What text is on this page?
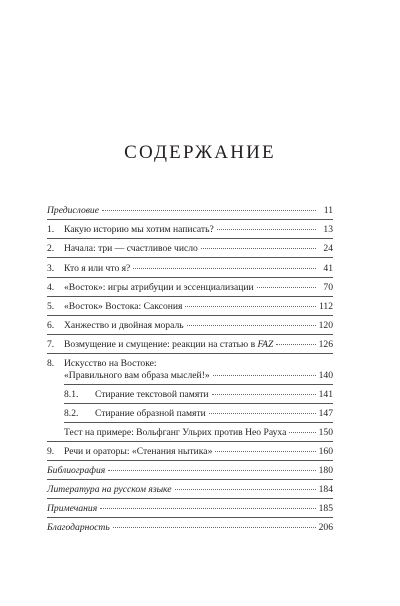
СОДЕРЖАНИЕ
Предисловие	11
1.	Какую историю мы хотим написать?	13
2.	Начала: три — счастливое число	24
3.	Кто я или что я?	41
4.	«Восток»: игры атрибуции и эссенциализации	70
5.	«Восток» Востока: Саксония	112
6.	Ханжество и двойная мораль	120
7.	Возмущение и смущение: реакции на статью в FAZ	126
8.	Искусство на Востоке:
«Правильного вам образа мыслей!»	140
8.1.	Стирание текстовой памяти	141
8.2.	Стирание образной памяти	147
Тест на примере: Вольфганг Ульрих против Нео Рауха	150
9.	Речи и ораторы: «Стенания нытика»	160
Библиография	180
Литература на русском языке	184
Примечания	185
Благодарность	206
